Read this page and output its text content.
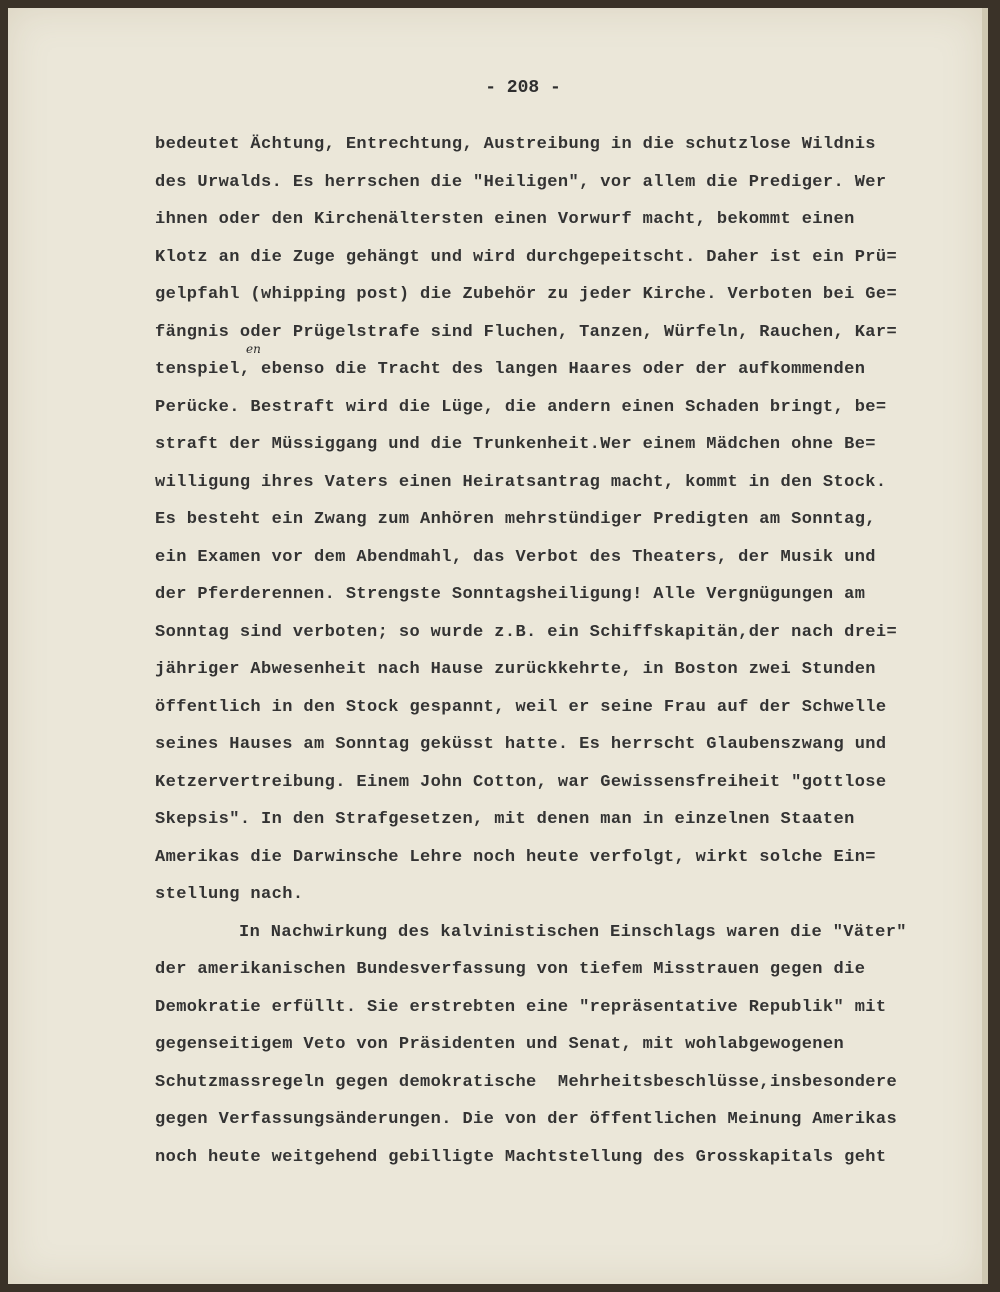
- 208 -
en
bedeutet Ächtung, Entrechtung, Austreibung in die schutzlose Wildnis
des Urwalds. Es herrschen die "Heiligen", vor allem die Prediger. Wer
ihnen oder den Kirchenältersten einen Vorwurf macht, bekommt einen
Klotz an die Zuge gehängt und wird durchgepeitscht. Daher ist ein Prü=
gelpfahl (whipping post) die Zubehör zu jeder Kirche. Verboten bei Ge=
fängnis oder Prügelstrafe sind Fluchen, Tanzen, Würfeln, Rauchen, Kar=
tenspiel, ebenso die Tracht des langen Haares oder der aufkommenden
Perücke. Bestraft wird die Lüge, die andern einen Schaden bringt, be=
straft der Müssiggang und die Trunkenheit.Wer einem Mädchen ohne Be=
willigung ihres Vaters einen Heiratsantrag macht, kommt in den Stock.
Es besteht ein Zwang zum Anhören mehrstündiger Predigten am Sonntag,
ein Examen vor dem Abendmahl, das Verbot des Theaters, der Musik und
der Pferderennen. Strengste Sonntagsheiligung! Alle Vergnügungen am
Sonntag sind verboten; so wurde z.B. ein Schiffskapitän,der nach drei=
jähriger Abwesenheit nach Hause zurückkehrte, in Boston zwei Stunden
öffentlich in den Stock gespannt, weil er seine Frau auf der Schwelle
seines Hauses am Sonntag geküsst hatte. Es herrscht Glaubenszwang und
Ketzervertreibung. Einem John Cotton, war Gewissensfreiheit "gottlose
Skepsis". In den Strafgesetzen, mit denen man in einzelnen Staaten
Amerikas die Darwinsche Lehre noch heute verfolgt, wirkt solche Ein=
stellung nach.
In Nachwirkung des kalvinistischen Einschlags waren die "Väter"
der amerikanischen Bundesverfassung von tiefem Misstrauen gegen die
Demokratie erfüllt. Sie erstrebten eine "repräsentative Republik" mit
gegenseitigem Veto von Präsidenten und Senat, mit wohlabgewogenen
Schutzmassregeln gegen demokratische  Mehrheitsbeschlüsse,insbesondere
gegen Verfassungsänderungen. Die von der öffentlichen Meinung Amerikas
noch heute weitgehend gebilligte Machtstellung des Grosskapitals geht
